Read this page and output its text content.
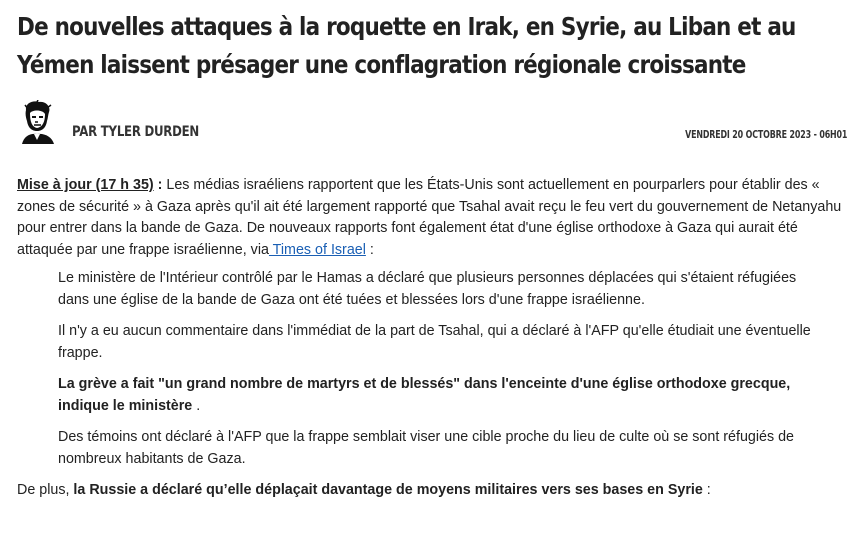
De nouvelles attaques à la roquette en Irak, en Syrie, au Liban et au Yémen laissent présager une conflagration régionale croissante
PAR TYLER DURDEN	VENDREDI 20 OCTOBRE 2023 - 06H01

Mise à jour (17 h 35) : Les médias israéliens rapportent que les États-Unis sont actuellement en pourparlers pour établir des « zones de sécurité » à Gaza après qu'il ait été largement rapporté que Tsahal avait reçu le feu vert du gouvernement de Netanyahu pour entrer dans la bande de Gaza. De nouveaux rapports font également état d'une église orthodoxe à Gaza qui aurait été attaquée par une frappe israélienne, via Times of Israel :

Le ministère de l'Intérieur contrôlé par le Hamas a déclaré que plusieurs personnes déplacées qui s'étaient réfugiées dans une église de la bande de Gaza ont été tuées et blessées lors d'une frappe israélienne.

Il n'y a eu aucun commentaire dans l'immédiat de la part de Tsahal, qui a déclaré à l'AFP qu'elle étudiait une éventuelle frappe.

La grève a fait "un grand nombre de martyrs et de blessés" dans l'enceinte d'une église orthodoxe grecque, indique le ministère .

Des témoins ont déclaré à l'AFP que la frappe semblait viser une cible proche du lieu de culte où se sont réfugiés de nombreux habitants de Gaza.

De plus, la Russie a déclaré qu’elle déplaçait davantage de moyens militaires vers ses bases en Syrie :
